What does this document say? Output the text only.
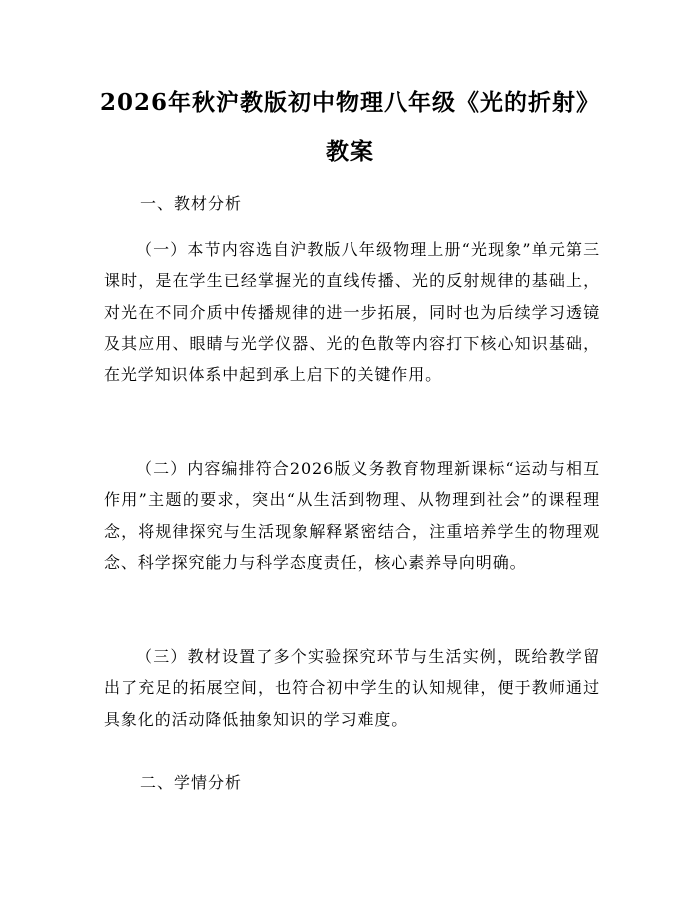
2026年秋沪教版初中物理八年级《光的折射》教案

一、教材分析

（一）本节内容选自沪教版八年级物理上册“光现象”单元第三课时，是在学生已经掌握光的直线传播、光的反射规律的基础上，对光在不同介质中传播规律的进一步拓展，同时也为后续学习透镜及其应用、眼睛与光学仪器、光的色散等内容打下核心知识基础，在光学知识体系中起到承上启下的关键作用。

（二）内容编排符合2026版义务教育物理新课标“运动与相互作用”主题的要求，突出“从生活到物理、从物理到社会”的课程理念，将规律探究与生活现象解释紧密结合，注重培养学生的物理观念、科学探究能力与科学态度责任，核心素养导向明确。

（三）教材设置了多个实验探究环节与生活实例，既给教学留出了充足的拓展空间，也符合初中学生的认知规律，便于教师通过具象化的活动降低抽象知识的学习难度。

二、学情分析
